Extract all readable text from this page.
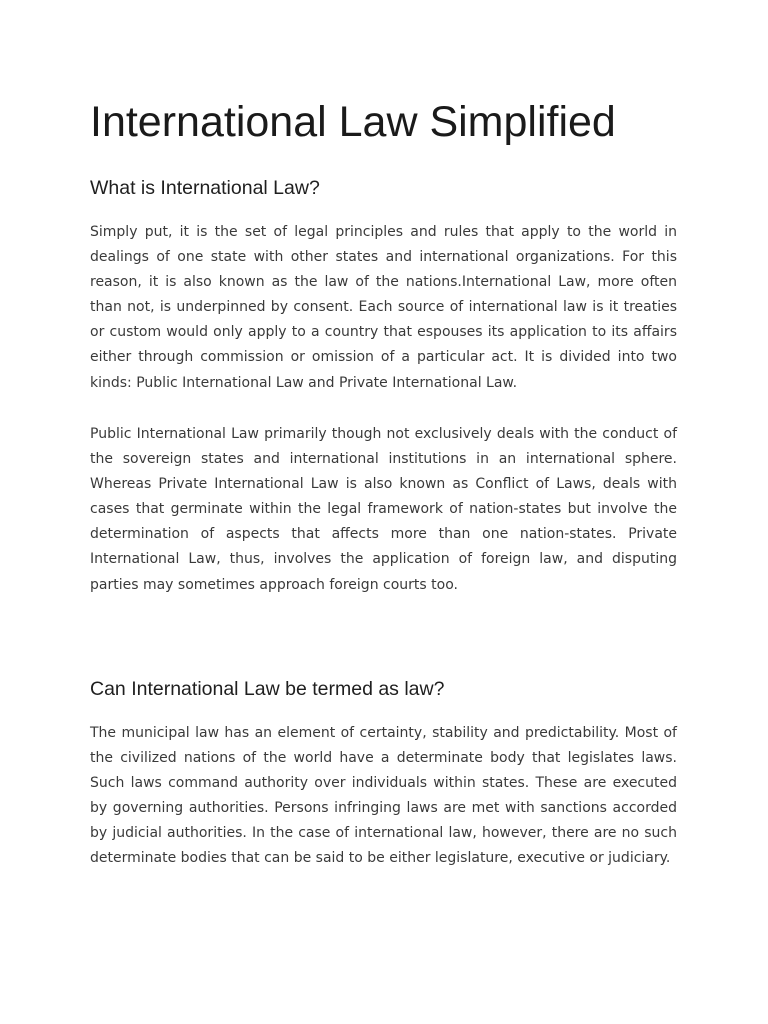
International Law Simplified
What is International Law?

Simply put, it is the set of legal principles and rules that apply to the world in dealings of one state with other states and international organizations. For this reason, it is also known as the law of the nations.International Law, more often than not, is underpinned by consent. Each source of international law is it treaties or custom would only apply to a country that espouses its application to its affairs either through commission or omission of a particular act. It is divided into two kinds: Public International Law and Private International Law.

Public International Law primarily though not exclusively deals with the conduct of the sovereign states and international institutions in an international sphere. Whereas Private International Law is also known as Conflict of Laws, deals with cases that germinate within the legal framework of nation-states but involve the determination of aspects that affects more than one nation-states. Private International Law, thus, involves the application of foreign law, and disputing parties may sometimes approach foreign courts too.

Can International Law be termed as law?

The municipal law has an element of certainty, stability and predictability. Most of the civilized nations of the world have a determinate body that legislates laws. Such laws command authority over individuals within states. These are executed by governing authorities. Persons infringing laws are met with sanctions accorded by judicial authorities. In the case of international law, however, there are no such determinate bodies that can be said to be either legislature, executive or judiciary.
